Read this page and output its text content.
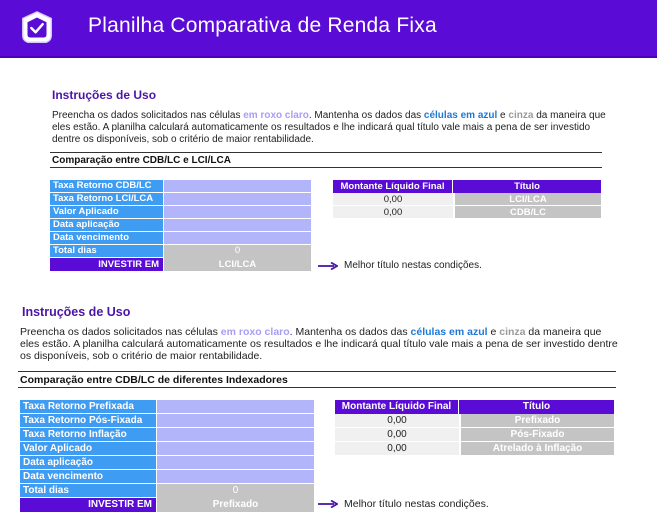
Planilha Comparativa de Renda Fixa
Instruções de Uso
Preencha os dados solicitados nas células em roxo claro. Mantenha os dados das células em azul e cinza da maneira que eles estão. A planilha calculará automaticamente os resultados e lhe indicará qual título vale mais a pena de ser investido dentre os disponíveis, sob o critério de maior rentabilidade.
Comparação entre CDB/LC e LCI/LCA
Taxa Retorno CDB/LC
Taxa Retorno LCI/LCA
Valor Aplicado
Data aplicação
Data vencimento
Total dias	0
INVESTIR EM	LCI/LCA
Montante Líquido Final	Título
0,00	LCI/LCA
0,00	CDB/LC
Melhor título nestas condições.
Instruções de Uso
Preencha os dados solicitados nas células em roxo claro. Mantenha os dados das células em azul e cinza da maneira que eles estão. A planilha calculará automaticamente os resultados e lhe indicará qual título vale mais a pena de ser investido dentre os disponíveis, sob o critério de maior rentabilidade.
Comparação entre CDB/LC de diferentes Indexadores
Taxa Retorno Prefixada
Taxa Retorno Pós-Fixada
Taxa Retorno Inflação
Valor Aplicado
Data aplicação
Data vencimento
Total dias	0
INVESTIR EM	Prefixado
Montante Líquido Final	Título
0,00	Prefixado
0,00	Pós-Fixado
0,00	Atrelado à Inflação
Melhor título nestas condições.
